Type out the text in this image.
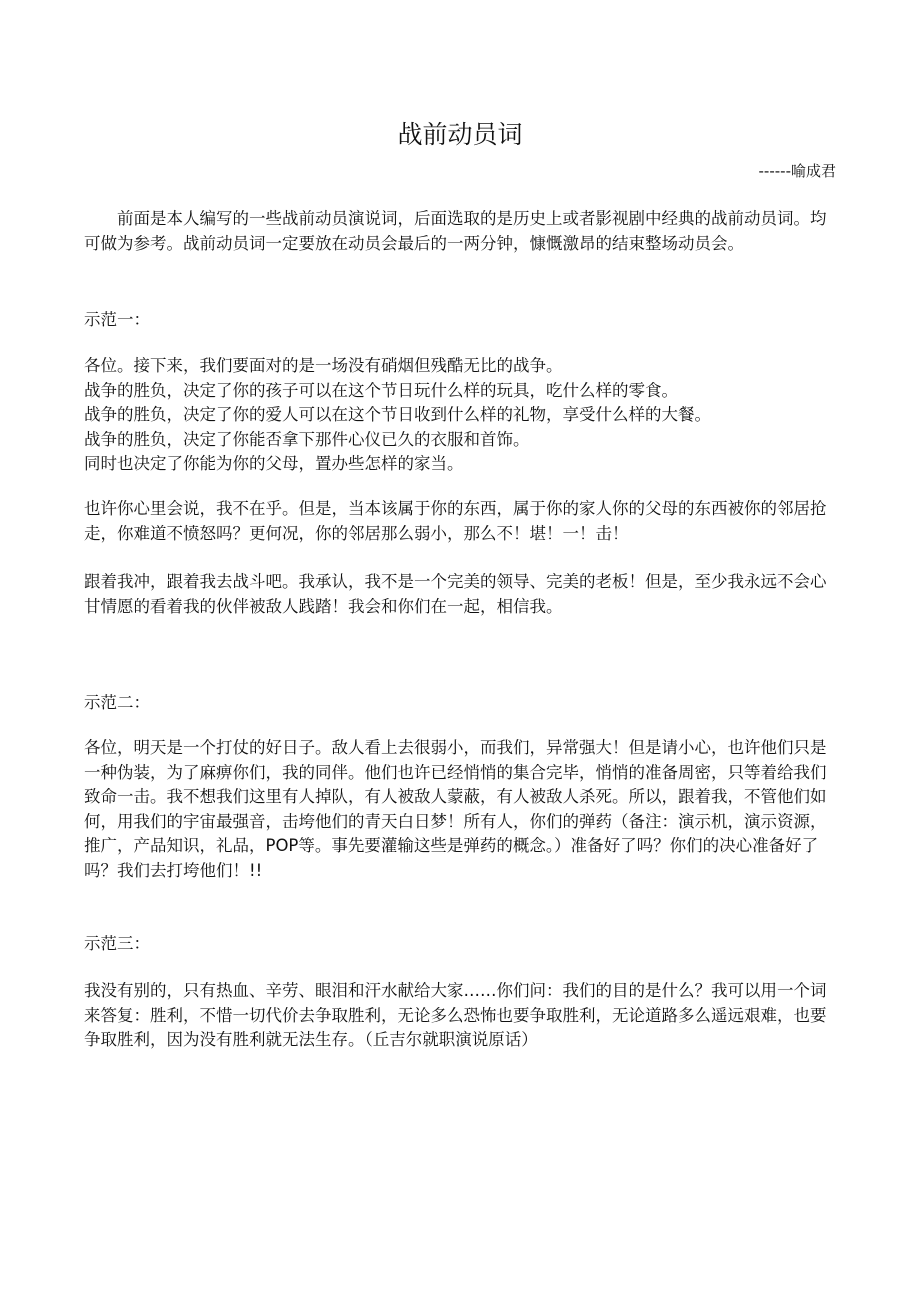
战前动员词
------喻成君

前面是本人编写的一些战前动员演说词，后面选取的是历史上或者影视剧中经典的战前动员词。均可做为参考。战前动员词一定要放在动员会最后的一两分钟，慷慨激昂的结束整场动员会。

示范一：

各位。接下来，我们要面对的是一场没有硝烟但残酷无比的战争。

战争的胜负，决定了你的孩子可以在这个节日玩什么样的玩具，吃什么样的零食。

战争的胜负，决定了你的爱人可以在这个节日收到什么样的礼物，享受什么样的大餐。

战争的胜负，决定了你能否拿下那件心仪已久的衣服和首饰。

同时也决定了你能为你的父母，置办些怎样的家当。

也许你心里会说，我不在乎。但是，当本该属于你的东西，属于你的家人你的父母的东西被你的邻居抢走，你难道不愤怒吗？更何况，你的邻居那么弱小，那么不！堪！一！击！

跟着我冲，跟着我去战斗吧。我承认，我不是一个完美的领导、完美的老板！但是，至少我永远不会心甘情愿的看着我的伙伴被敌人践踏！我会和你们在一起，相信我。

示范二：

各位，明天是一个打仗的好日子。敌人看上去很弱小，而我们，异常强大！但是请小心，也许他们只是一种伪装，为了麻痹你们，我的同伴。他们也许已经悄悄的集合完毕，悄悄的准备周密，只等着给我们致命一击。我不想我们这里有人掉队，有人被敌人蒙蔽，有人被敌人杀死。所以，跟着我，不管他们如何，用我们的宇宙最强音，击垮他们的青天白日梦！所有人，你们的弹药（备注：演示机，演示资源，推广，产品知识，礼品，POP等。事先要灌输这些是弹药的概念。）准备好了吗？你们的决心准备好了吗？我们去打垮他们！!!

示范三：

我没有别的，只有热血、辛劳、眼泪和汗水献给大家……你们问：我们的目的是什么？我可以用一个词来答复：胜利，不惜一切代价去争取胜利，无论多么恐怖也要争取胜利，无论道路多么遥远艰难，也要争取胜利，因为没有胜利就无法生存。（丘吉尔就职演说原话）
